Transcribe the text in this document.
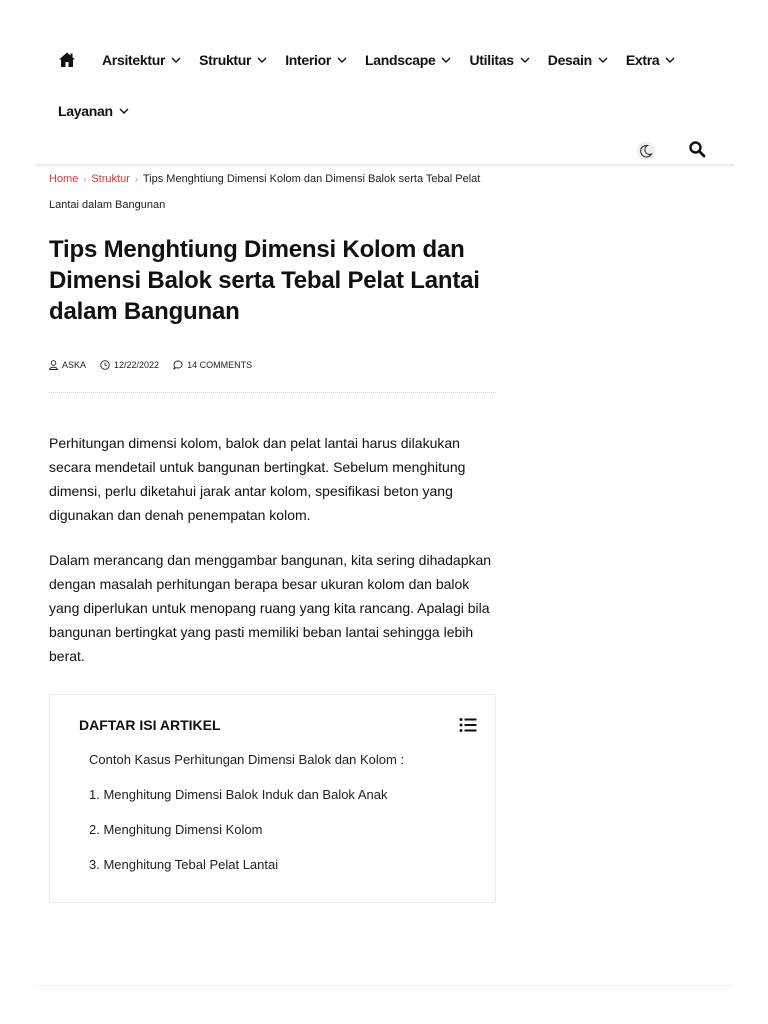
Arsitektur Struktur Interior Landscape Utilitas Desain Extra
Layanan
Home › Struktur › Tips Menghtiung Dimensi Kolom dan Dimensi Balok serta Tebal Pelat Lantai dalam Bangunan
Tips Menghtiung Dimensi Kolom dan Dimensi Balok serta Tebal Pelat Lantai dalam Bangunan
ASKA	12/22/2022	14 COMMENTS

Perhitungan dimensi kolom, balok dan pelat lantai harus dilakukan secara mendetail untuk bangunan bertingkat. Sebelum menghitung dimensi, perlu diketahui jarak antar kolom, spesifikasi beton yang digunakan dan denah penempatan kolom.

Dalam merancang dan menggambar bangunan, kita sering dihadapkan dengan masalah perhitungan berapa besar ukuran kolom dan balok yang diperlukan untuk menopang ruang yang kita rancang. Apalagi bila bangunan bertingkat yang pasti memiliki beban lantai sehingga lebih berat.

DAFTAR ISI ARTIKEL
Contoh Kasus Perhitungan Dimensi Balok dan Kolom :
1. Menghitung Dimensi Balok Induk dan Balok Anak
2. Menghitung Dimensi Kolom
3. Menghitung Tebal Pelat Lantai
